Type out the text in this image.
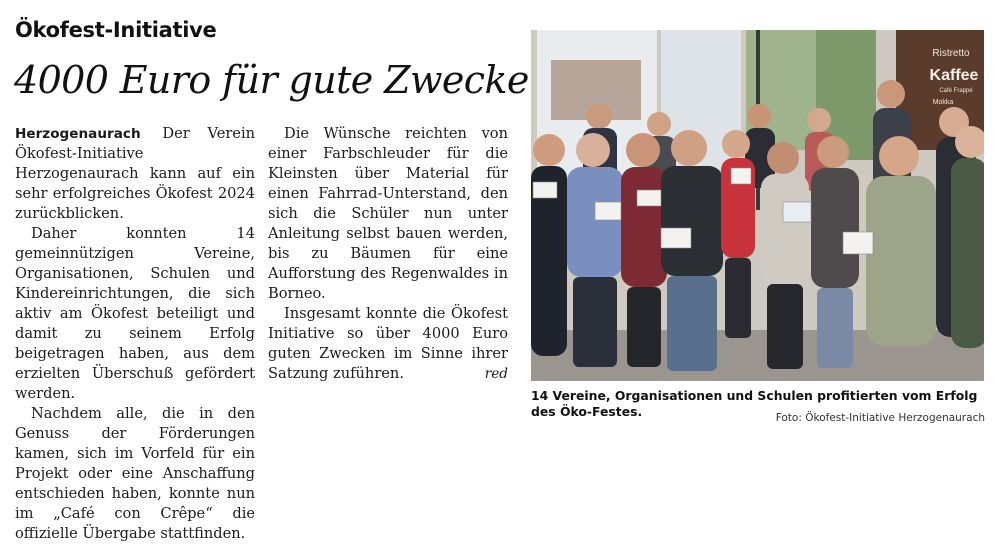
Ökofest-Initiative
4000 Euro für gute Zwecke

Herzogenaurach Der Verein Ökofest-Initiative Herzogenaurach kann auf ein sehr erfolgreiches Ökofest 2024 zurückblicken.

Daher konnten 14 gemeinnützigen Vereine, Organisationen, Schulen und Kindereinrichtungen, die sich aktiv am Ökofest beteiligt und damit zu seinem Erfolg beigetragen haben, aus dem erzielten Überschuß gefördert werden.

Nachdem alle, die in den Genuss der Förderungen kamen, sich im Vorfeld für ein Projekt oder eine Anschaffung entschieden haben, konnte nun im „Café con Crêpe“ die offizielle Übergabe stattfinden.

Die Wünsche reichten von einer Farbschleuder für die Kleinsten über Material für einen Fahrrad-Unterstand, den sich die Schüler nun unter Anleitung selbst bauen werden, bis zu Bäumen für eine Aufforstung des Regenwaldes in Borneo.

Insgesamt konnte die Ökofest Initiative so über 4000 Euro guten Zwecken im Sinne ihrer Satzung zuführen.	red
Ristretto
Kaffee
Café Frappé
Mokka
14 Vereine, Organisationen und Schulen profitierten vom Erfolg des Öko-Festes.	Foto: Ökofest-Initiative Herzogenaurach
